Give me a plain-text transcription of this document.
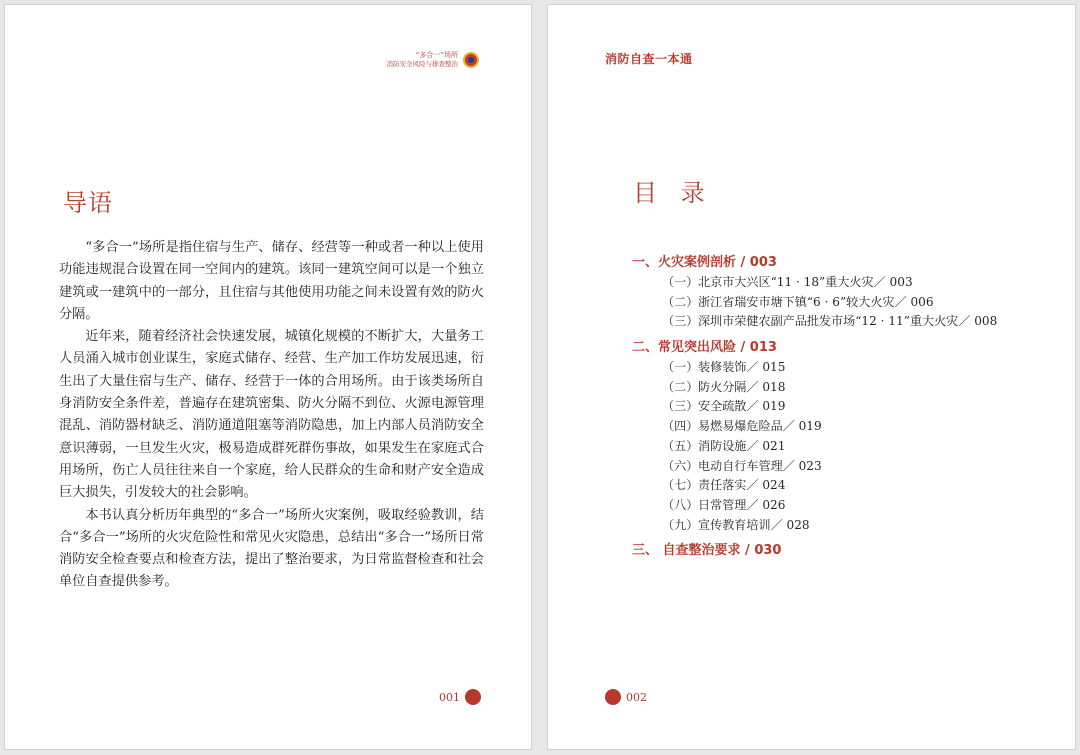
“多合一”场所
消防安全风险与排查整治
导语

“多合一”场所是指住宿与生产、储存、经营等一种或者一种以上使用功能违规混合设置在同一空间内的建筑。该同一建筑空间可以是一个独立建筑或一建筑中的一部分，且住宿与其他使用功能之间未设置有效的防火分隔。

近年来，随着经济社会快速发展，城镇化规模的不断扩大，大量务工人员涌入城市创业谋生，家庭式储存、经营、生产加工作坊发展迅速，衍生出了大量住宿与生产、储存、经营于一体的合用场所。由于该类场所自身消防安全条件差，普遍存在建筑密集、防火分隔不到位、火源电源管理混乱、消防器材缺乏、消防通道阻塞等消防隐患，加上内部人员消防安全意识薄弱，一旦发生火灾，极易造成群死群伤事故，如果发生在家庭式合用场所，伤亡人员往往来自一个家庭，给人民群众的生命和财产安全造成巨大损失，引发较大的社会影响。

本书认真分析历年典型的“多合一”场所火灾案例，吸取经验教训，结合“多合一”场所的火灾危险性和常见火灾隐患，总结出“多合一”场所日常消防安全检查要点和检查方法，提出了整治要求，为日常监督检查和社会单位自查提供参考。

001
消防自查一本通
目 录
一、火灾案例剖析 / 003
（一）北京市大兴区“11 · 18”重大火灾／ 003
（二）浙江省瑞安市塘下镇“6 · 6”较大火灾／ 006
（三）深圳市荣健农副产品批发市场“12 · 11”重大火灾／ 008
二、常见突出风险 / 013
（一）装修装饰／ 015
（二）防火分隔／ 018
（三）安全疏散／ 019
（四）易燃易爆危险品／ 019
（五）消防设施／ 021
（六）电动自行车管理／ 023
（七）责任落实／ 024
（八）日常管理／ 026
（九）宣传教育培训／ 028
三、 自查整治要求 / 030
002
